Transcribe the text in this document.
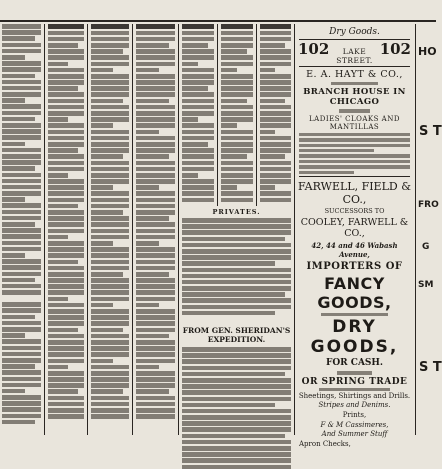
PRIVATES.
FROM GEN. SHERIDAN'S EXPEDITION.
Dry Goods.
102	LAKE STREET.
102
E. A. HAYT & CO.,
BRANCH HOUSE IN CHICAGO
LADIES' CLOAKS AND MANTILLAS
FARWELL, FIELD & CO.,
SUCCESSORS TO
COOLEY, FARWELL & CO.,
42, 44 and 46 Wabash Avenue,
IMPORTERS OF
FANCY GOODS,
DRY GOODS,
FOR CASH.
OR SPRING TRADE
Sheetings, Shirtings and Drills.
Stripes and Denims.
Prints,
F & M Cassimeres,
And Summer Stuff
Apron Checks,
HO
S T
FRO
G
SM
S T
